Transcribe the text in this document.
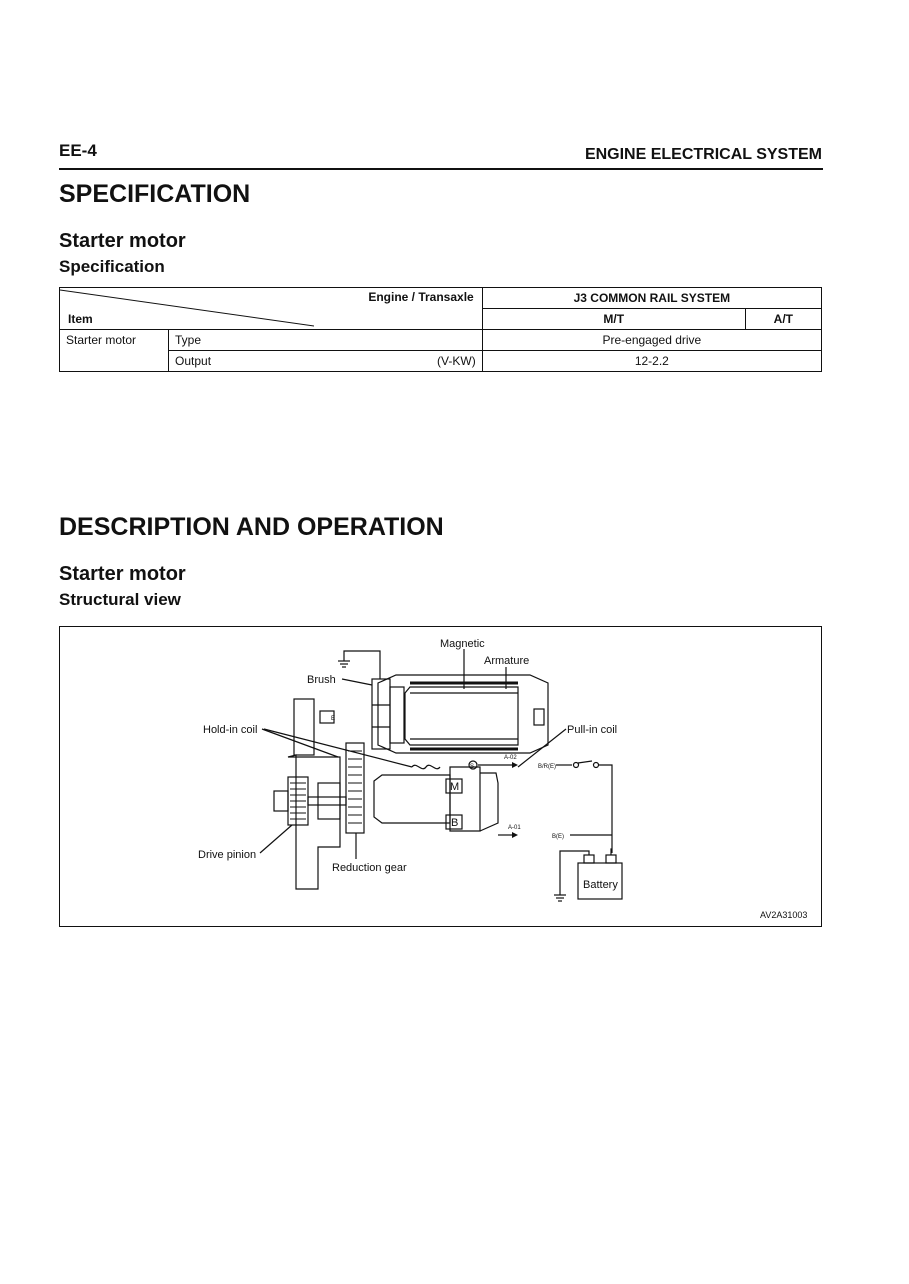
EE-4	ENGINE ELECTRICAL SYSTEM
SPECIFICATION
Starter motor
Specification
Engine / Transaxle
Item		J3 COMMON RAIL SYSTEM	
		M/T	A/T
Starter motor	Type	Pre-engaged drive	
	Output (V-KW)	12-2.2	
DESCRIPTION AND OPERATION
Starter motor
Structural view
Magnetic
Armature
Brush
Hold-in coil	Pull-in coil
Drive pinion
Reduction gear
Battery
M
B
S
E
B/R(E)
B(E)
A-02
A-01
AV2A31003
